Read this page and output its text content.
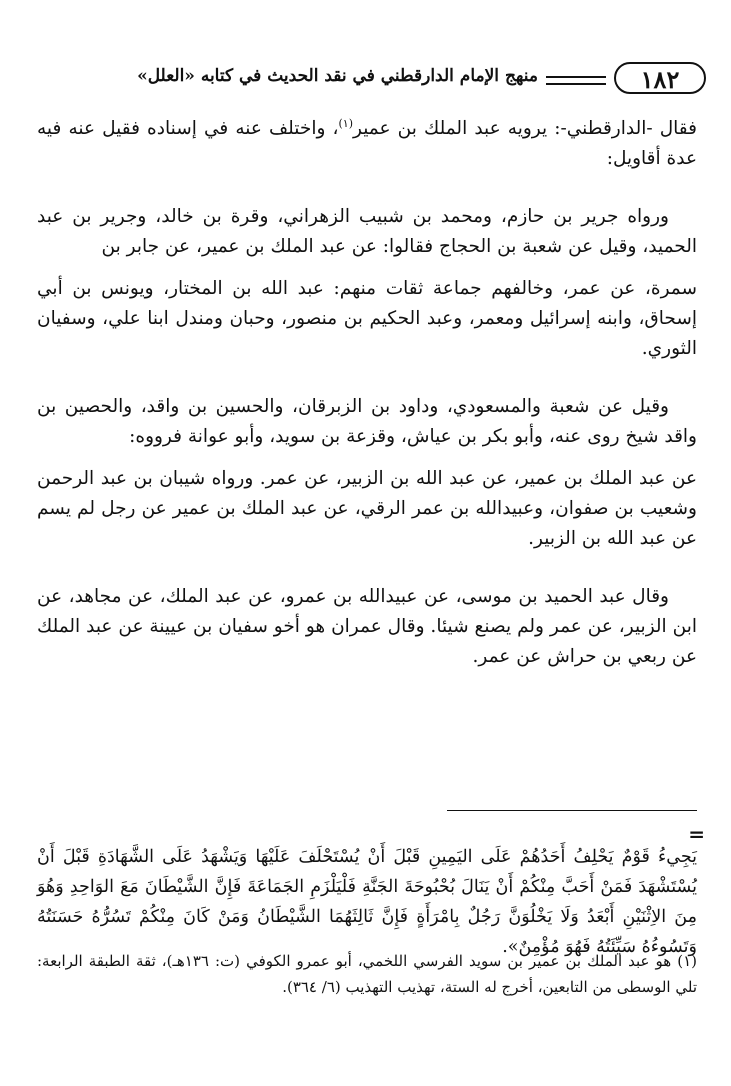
١٨٢
منهج الإمام الدارقطني في نقد الحديث في كتابه «العلل»

فقال -الدارقطني-: يرويه عبد الملك بن عمير$^{(١)}$، واختلف عنه في إسناده فقيل عنه فيه عدة أقاويل:

ورواه جرير بن حازم، ومحمد بن شبيب الزهراني، وقرة بن خالد، وجرير بن عبد الحميد، وقيل عن شعبة بن الحجاج فقالوا: عن عبد الملك بن عمير، عن جابر بن

سمرة، عن عمر، وخالفهم جماعة ثقات منهم: عبد الله بن المختار، ويونس بن أبي إسحاق، وابنه إسرائيل ومعمر، وعبد الحكيم بن منصور، وحبان ومندل ابنا علي، وسفيان الثوري.

وقيل عن شعبة والمسعودي، وداود بن الزبرقان، والحسين بن واقد، والحصين بن واقد شيخ روى عنه، وأبو بكر بن عياش، وقزعة بن سويد، وأبو عوانة فرووه:

عن عبد الملك بن عمير، عن عبد الله بن الزبير، عن عمر. ورواه شيبان بن عبد الرحمن وشعيب بن صفوان، وعبيدالله بن عمر الرقي، عن عبد الملك بن عمير عن رجل لم يسم عن عبد الله بن الزبير.

وقال عبد الحميد بن موسى، عن عبيدالله بن عمرو، عن عبد الملك، عن مجاهد، عن ابن الزبير، عن عمر ولم يصنع شيئا. وقال عمران هو أخو سفيان بن عيينة عن عبد الملك عن ربعي بن حراش عن عمر.

=
يَجِيءُ قَوْمٌ يَحْلِفُ أَحَدُهُمْ عَلَى اليَمِينِ قَبْلَ أَنْ يُسْتَحْلَفَ عَلَيْهَا وَيَشْهَدُ عَلَى الشَّهَادَةِ قَبْلَ أَنْ يُسْتَشْهَدَ فَمَنْ أَحَبَّ مِنْكُمْ أَنْ يَنَالَ بُحْبُوحَةَ الجَنَّةِ فَلْيَلْزَمِ الجَمَاعَةَ فَإِنَّ الشَّيْطَانَ مَعَ الوَاحِدِ وَهُوَ مِنَ الاِثْنَيْنِ أَبْعَدُ وَلَا يَخْلُوَنَّ رَجُلٌ بِامْرَأَةٍ فَإِنَّ ثَالِثَهُمَا الشَّيْطَانُ وَمَنْ كَانَ مِنْكُمْ تَسُرُّهُ حَسَنَتُهُ وَتَسُوءُهُ سَيِّئَتُهُ فَهُوَ مُؤْمِنٌ».
(١) هو عبد الملك بن عمير بن سويد الفرسي اللخمي، أبو عمرو الكوفي (ت: ١٣٦هـ)، ثقة الطبقة الرابعة: تلي الوسطى من التابعين، أخرج له الستة، تهذيب التهذيب (٦/ ٣٦٤).
